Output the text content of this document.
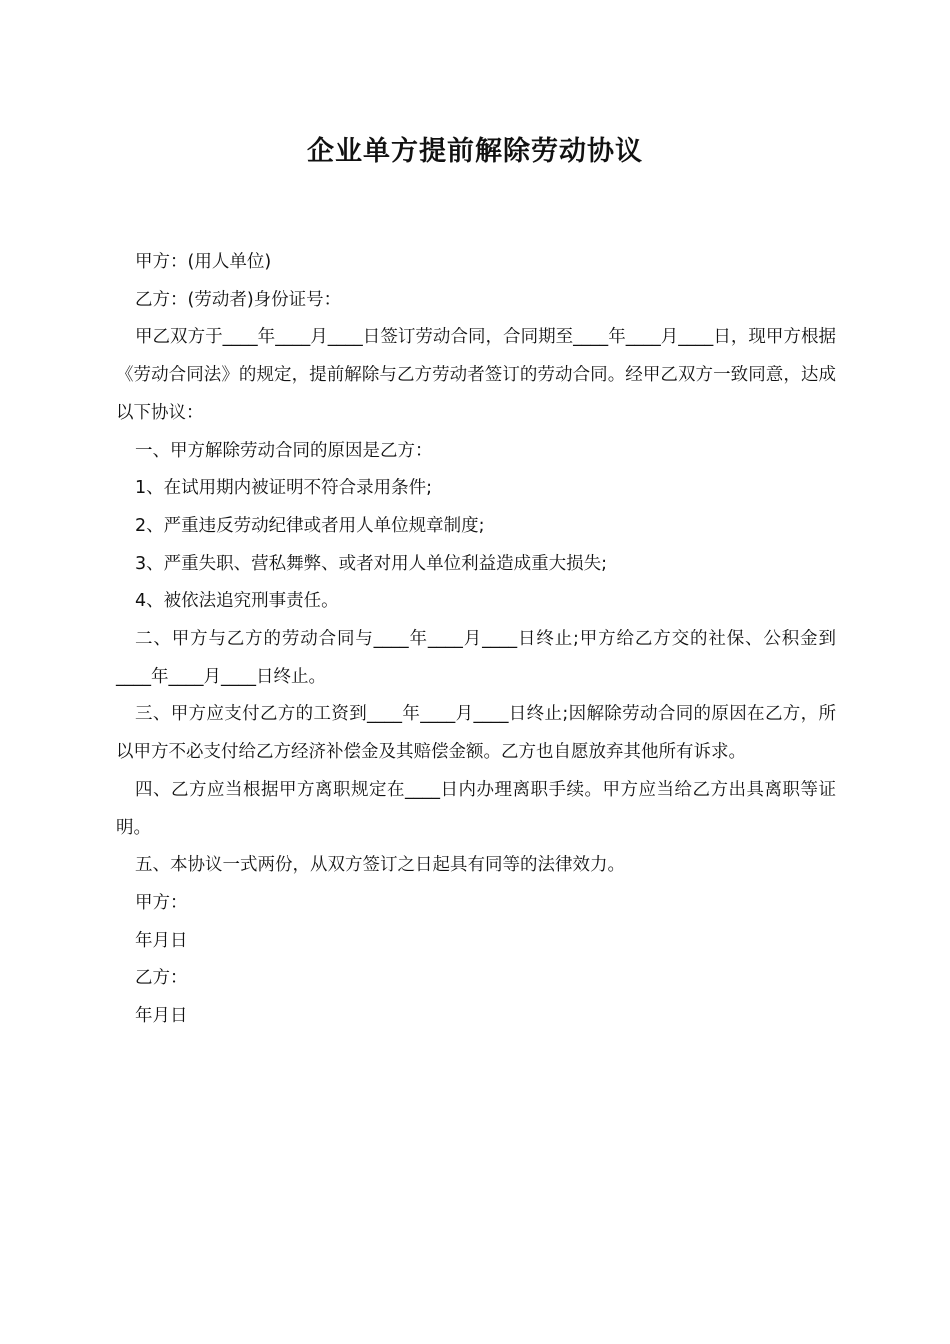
企业单方提前解除劳动协议

甲方：(用人单位)

乙方：(劳动者)身份证号：

甲乙双方于____年____月____日签订劳动合同，合同期至____年____月____日，现甲方根据《劳动合同法》的规定，提前解除与乙方劳动者签订的劳动合同。经甲乙双方一致同意，达成以下协议：

一、甲方解除劳动合同的原因是乙方：

1、在试用期内被证明不符合录用条件;

2、严重违反劳动纪律或者用人单位规章制度;

3、严重失职、营私舞弊、或者对用人单位利益造成重大损失;

4、被依法追究刑事责任。

二、甲方与乙方的劳动合同与____年____月____日终止;甲方给乙方交的社保、公积金到____年____月____日终止。

三、甲方应支付乙方的工资到____年____月____日终止;因解除劳动合同的原因在乙方，所以甲方不必支付给乙方经济补偿金及其赔偿金额。乙方也自愿放弃其他所有诉求。

四、乙方应当根据甲方离职规定在____日内办理离职手续。甲方应当给乙方出具离职等证明。

五、本协议一式两份，从双方签订之日起具有同等的法律效力。

甲方：

年月日

乙方：

年月日
